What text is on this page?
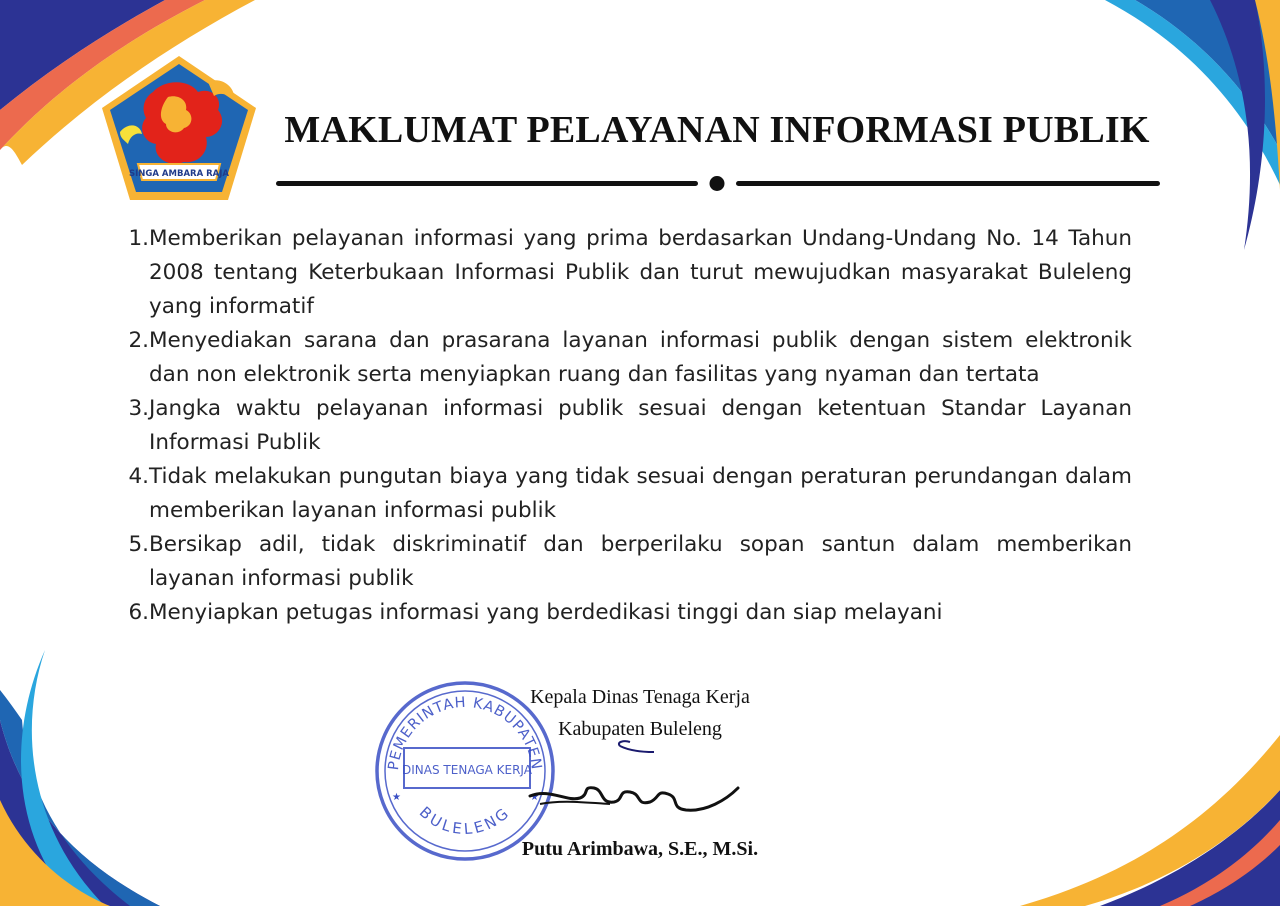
SINGA AMBARA RAJA
MAKLUMAT PELAYANAN INFORMASI PUBLIK
1. Memberikan pelayanan informasi yang prima berdasarkan Undang-Undang No. 14 Tahun 2008 tentang Keterbukaan Informasi Publik dan turut mewujudkan masyarakat Buleleng yang informatif
2. Menyediakan sarana dan prasarana layanan informasi publik dengan sistem elektronik dan non elektronik serta menyiapkan ruang dan fasilitas yang nyaman dan tertata
3. Jangka waktu pelayanan informasi publik sesuai dengan ketentuan Standar Layanan Informasi Publik
4. Tidak melakukan pungutan biaya yang tidak sesuai dengan peraturan perundangan dalam memberikan layanan informasi publik
5. Bersikap adil, tidak diskriminatif dan berperilaku sopan santun dalam memberikan layanan informasi publik
6. Menyiapkan petugas informasi yang berdedikasi tinggi dan siap melayani
PEMERINTAH KABUPATEN
DINAS TENAGA KERJA
BULELENG
★	★
Kepala Dinas Tenaga Kerja
Kabupaten Buleleng
Putu Arimbawa, S.E., M.Si.
